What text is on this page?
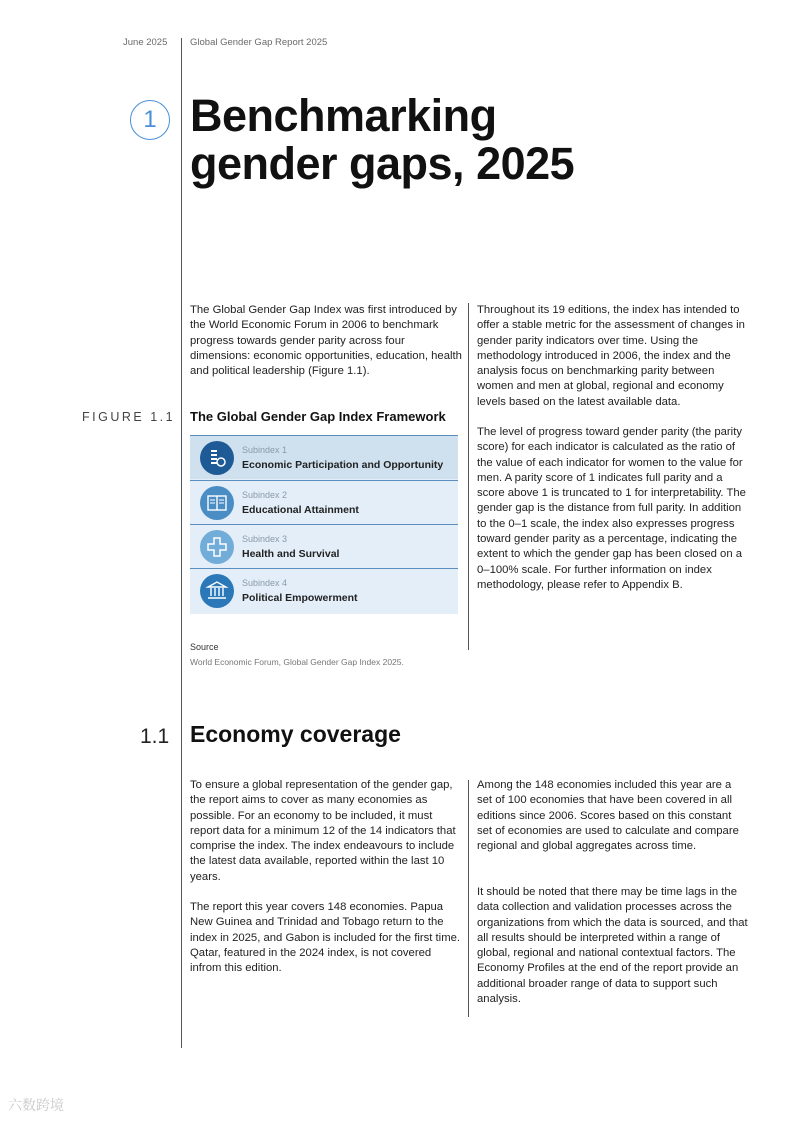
June 2025 Global Gender Gap Report 2025
1 Benchmarking
gender gaps, 2025

The Global Gender Gap Index was first introduced by the World Economic Forum in 2006 to benchmark progress towards gender parity across four dimensions: economic opportunities, education, health and political leadership (Figure 1.1).

Throughout its 19 editions, the index has intended to offer a stable metric for the assessment of changes in gender parity indicators over time. Using the methodology introduced in 2006, the index and the analysis focus on benchmarking parity between women and men at global, regional and economy levels based on the latest available data.

The level of progress toward gender parity (the parity score) for each indicator is calculated as the ratio of the value of each indicator for women to the value for men. A parity score of 1 indicates full parity and a score above 1 is truncated to 1 for interpretability. The gender gap is the distance from full parity. In addition to the 0–1 scale, the index also expresses progress toward gender parity as a percentage, indicating the extent to which the gender gap has been closed on a 0–100% scale. For further information on index methodology, please refer to Appendix B.

FIGURE 1.1 The Global Gender Gap Index Framework
Subindex 1
Economic Participation and Opportunity
Subindex 2
Educational Attainment
Subindex 3
Health and Survival
Subindex 4
Political Empowerment
Source
World Economic Forum, Global Gender Gap Index 2025.
1.1 Economy coverage

To ensure a global representation of the gender gap, the report aims to cover as many economies as possible. For an economy to be included, it must report data for a minimum 12 of the 14 indicators that comprise the index. The index endeavours to include the latest data available, reported within the last 10 years.

The report this year covers 148 economies. Papua New Guinea and Trinidad and Tobago return to the index in 2025, and Gabon is included for the first time. Qatar, featured in the 2024 index, is not covered infrom this edition.

Among the 148 economies included this year are a set of 100 economies that have been covered in all editions since 2006. Scores based on this constant set of economies are used to calculate and compare regional and global aggregates across time.

It should be noted that there may be time lags in the data collection and validation processes across the organizations from which the data is sourced, and that all results should be interpreted within a range of global, regional and national contextual factors. The Economy Profiles at the end of the report provide an additional broader range of data to support such analysis.

六数跨境
